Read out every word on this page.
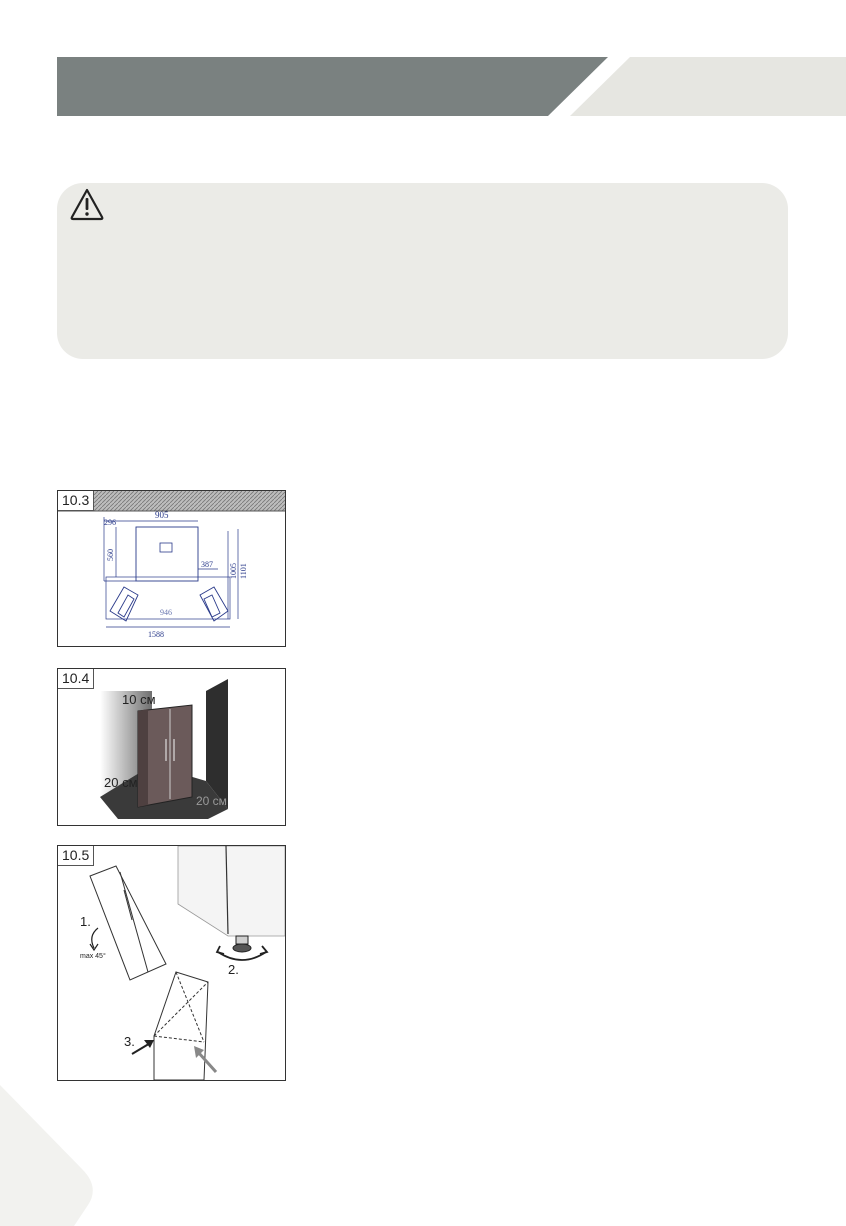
10.3
296
905
560
387 1005 1101
946
1588
10.4
10 см
20 см
20 см
10.5
1.
max 45°
2.
3.
